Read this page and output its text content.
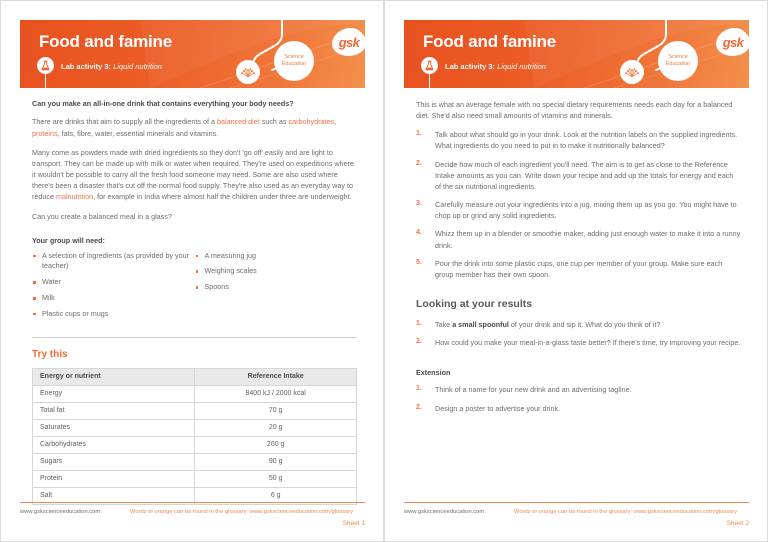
Food and famine
Lab activity 3: Liquid nutrition
Science
Education
gsk

Can you make an all-in-one drink that contains everything your body needs?

There are drinks that aim to supply all the ingredients of a balanced diet such as carbohydrates, proteins, fats, fibre, water, essential minerals and vitamins.

Many come as powders made with dried ingredients so they don't 'go off' easily and are light to transport. They can be made up with milk or water when required. They're used on expeditions where it wouldn't be possible to carry all the fresh food someone may need. Some are also used where there's been a disaster that's cut off the normal food supply. They're also used as an everyday way to reduce malnutrition, for example in India where almost half the children under three are underweight.

Can you create a balanced meal in a glass?

Your group will need:
A selection of ingredients (as provided by your teacher)
Water
Milk
Plastic cups or mugs
A measuring jug
Weighing scales
Spoons
Try this
Energy or nutrient	Reference Intake
Energy	8400 kJ / 2000 kcal
Total fat	70 g
Saturates	20 g
Carbohydrates	260 g
Sugars	90 g
Protein	50 g
Salt	6 g
www.gskscienceeducation.com	Words in orange can be found in the glossary: www.gskscienceeducation.com/glossary
Sheet 1
Food and famine
Lab activity 3: Liquid nutrition
Science
Education
gsk

This is what an average female with no special dietary requirements needs each day for a balanced diet. She'd also need small amounts of vitamins and minerals.

1. Talk about what should go in your drink. Look at the nutrition labels on the supplied ingredients. What ingredients do you need to put in to make it nutritionally balanced?
2. Decide how much of each ingredient you'll need. The aim is to get as close to the Reference Intake amounts as you can. Write down your recipe and add up the totals for energy and each of the six nutritional ingredients.
3. Carefully measure out your ingredients into a jug, mixing them up as you go. You might have to chop up or grind any solid ingredients.
4. Whizz them up in a blender or smoothie maker, adding just enough water to make it into a runny drink.
5. Pour the drink into some plastic cups, one cup per member of your group. Make sure each group member has their own spoon.
Looking at your results
1. Take a small spoonful of your drink and sip it. What do you think of it?
2. How could you make your meal-in-a-glass taste better? If there's time, try improving your recipe.
Extension
1. Think of a name for your new drink and an advertising tagline.
2. Design a poster to advertise your drink.
www.gskscienceeducation.com	Words in orange can be found in the glossary: www.gskscienceeducation.com/glossary
Sheet 2
